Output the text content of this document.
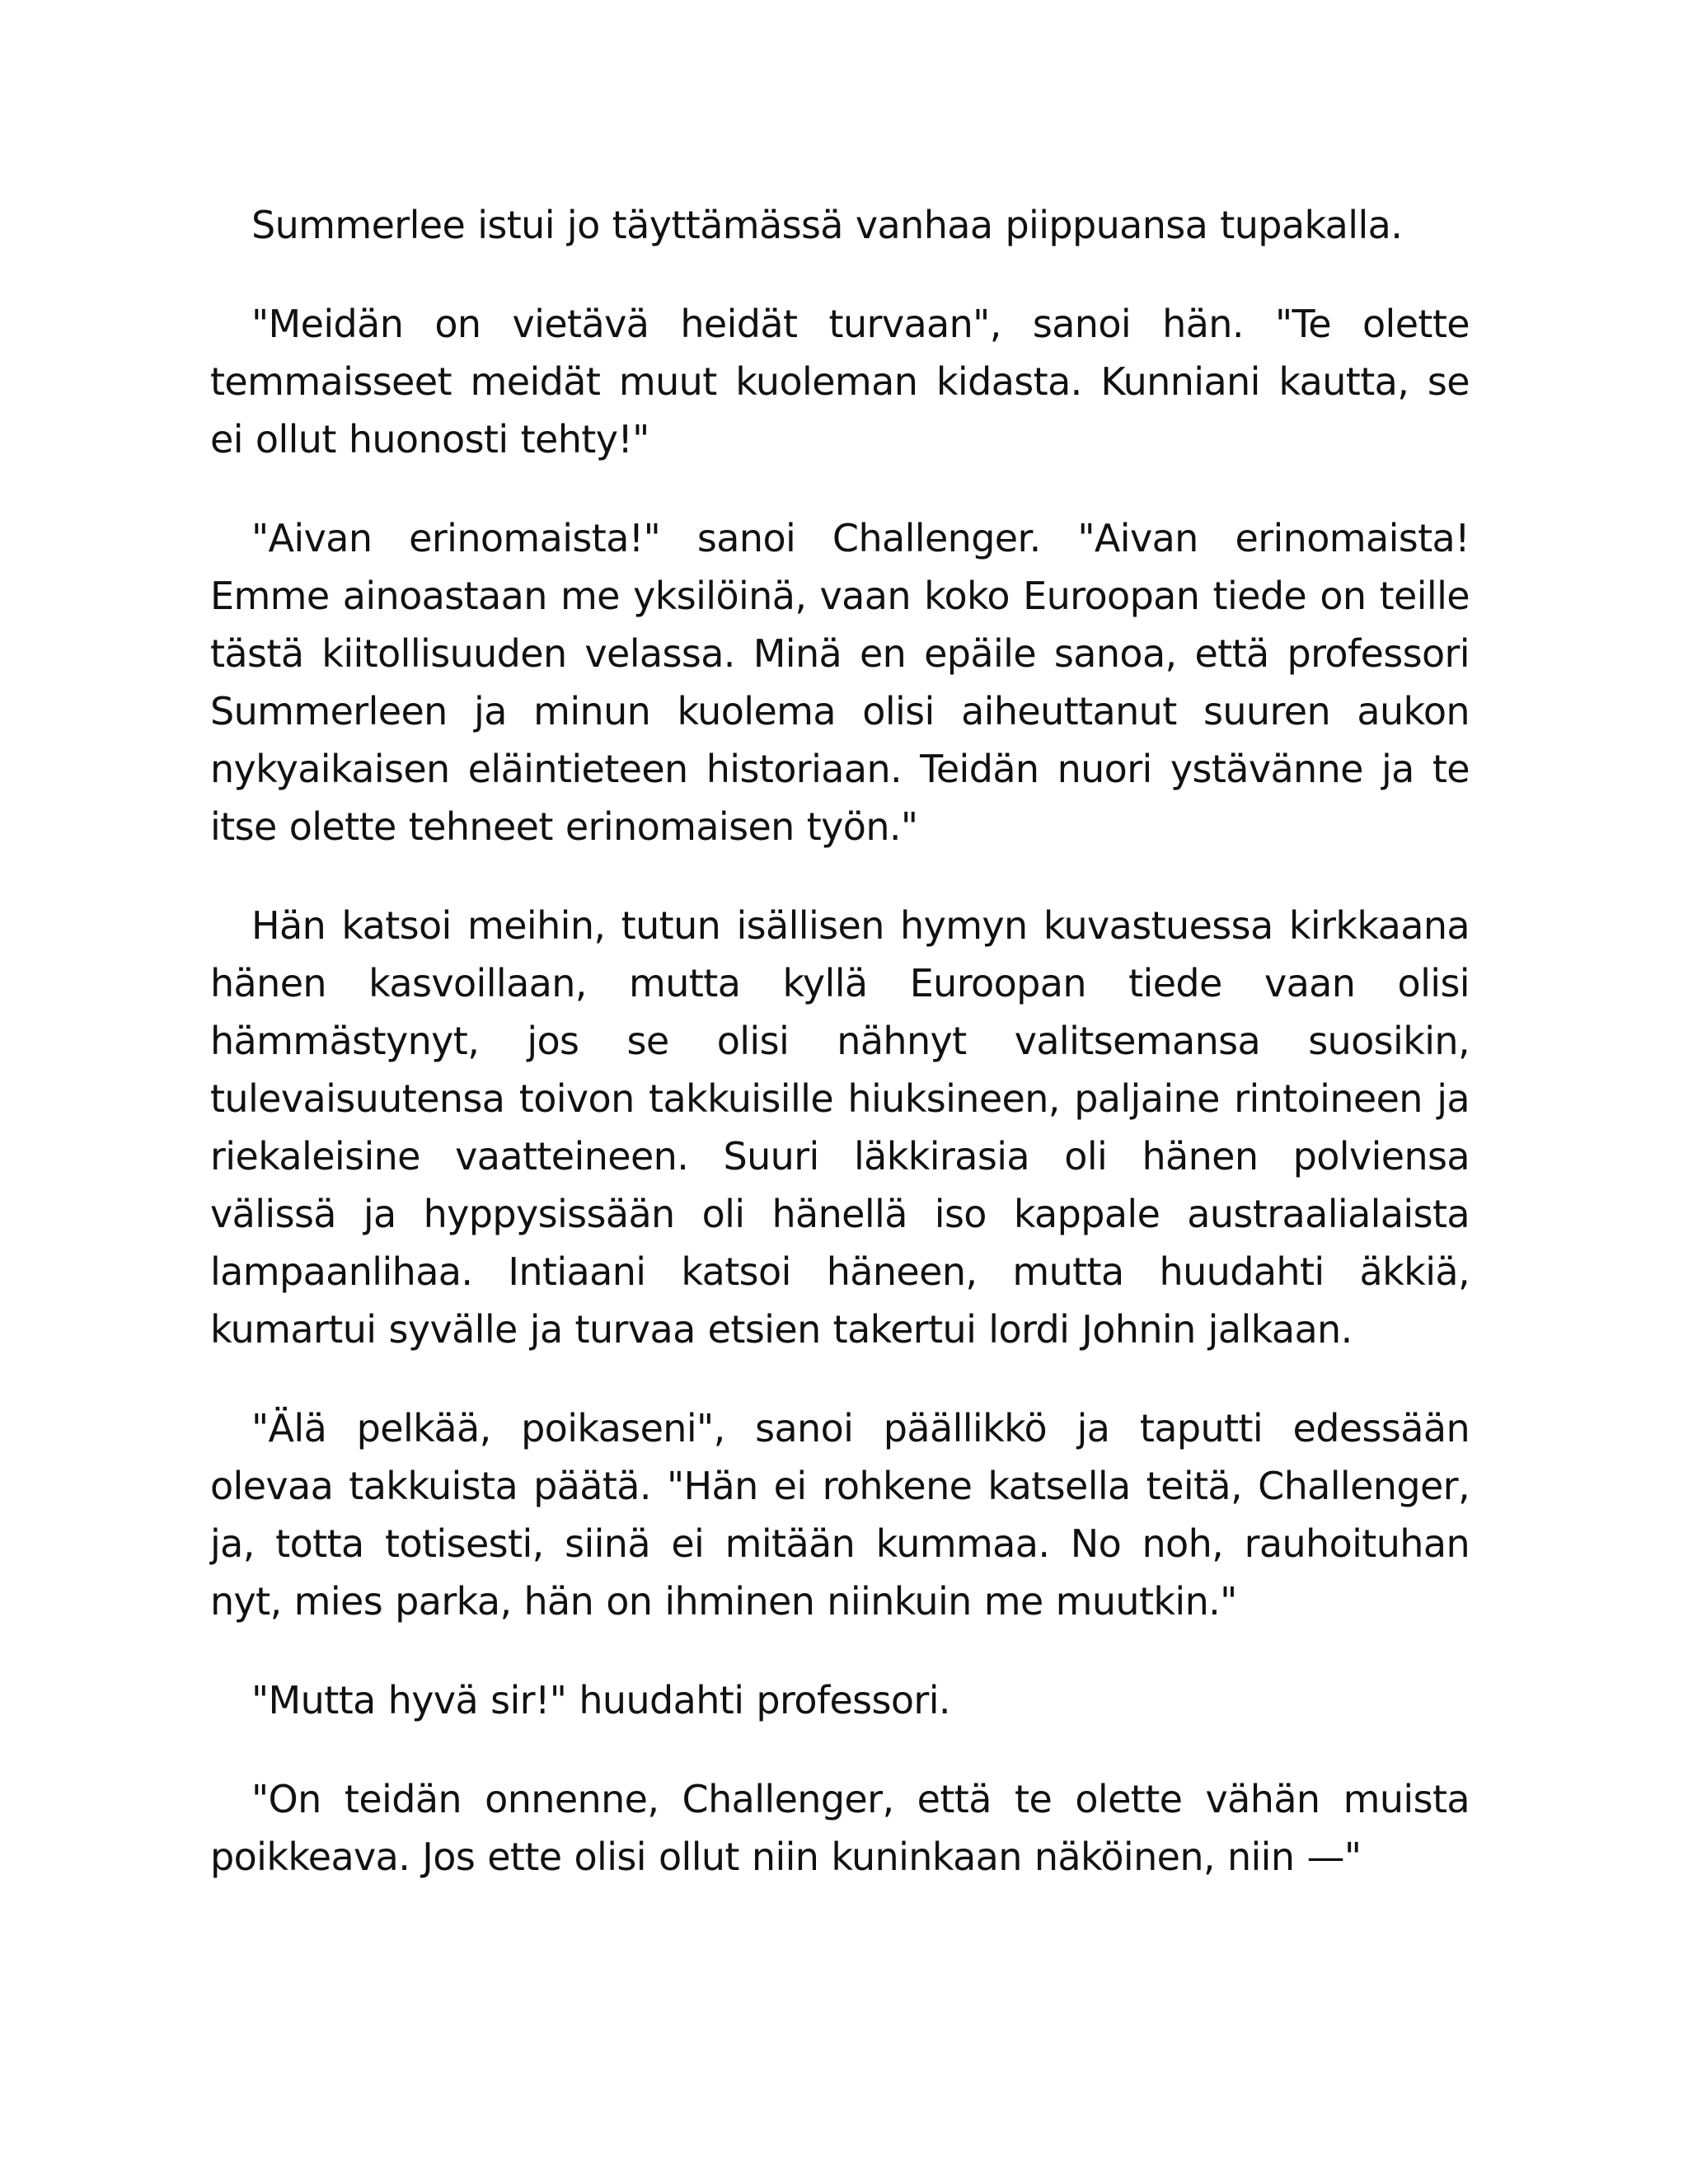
Summerlee istui jo täyttämässä vanhaa piippuansa tupakalla.

"Meidän on vietävä heidät turvaan", sanoi hän. "Te olette temmaisseet meidät muut kuoleman kidasta. Kunniani kautta, se ei ollut huonosti tehty!"

"Aivan erinomaista!" sanoi Challenger. "Aivan erinomaista! Emme ainoastaan me yksilöinä, vaan koko Euroopan tiede on teille tästä kiitollisuuden velassa. Minä en epäile sanoa, että professori Summerleen ja minun kuolema olisi aiheuttanut suuren aukon nykyaikaisen eläintieteen historiaan. Teidän nuori ystävänne ja te itse olette tehneet erinomaisen työn."

Hän katsoi meihin, tutun isällisen hymyn kuvastuessa kirkkaana hänen kasvoillaan, mutta kyllä Euroopan tiede vaan olisi hämmästynyt, jos se olisi nähnyt valitsemansa suosikin, tulevaisuutensa toivon takkuisille hiuksineen, paljaine rintoineen ja riekaleisine vaatteineen. Suuri läkkirasia oli hänen polviensa välissä ja hyppysissään oli hänellä iso kappale austraalialaista lampaanlihaa. Intiaani katsoi häneen, mutta huudahti äkkiä, kumartui syvälle ja turvaa etsien takertui lordi Johnin jalkaan.

"Älä pelkää, poikaseni", sanoi päällikkö ja taputti edessään olevaa takkuista päätä. "Hän ei rohkene katsella teitä, Challenger, ja, totta totisesti, siinä ei mitään kummaa. No noh, rauhoituhan nyt, mies parka, hän on ihminen niinkuin me muutkin."

"Mutta hyvä sir!" huudahti professori.

"On teidän onnenne, Challenger, että te olette vähän muista poikkeava. Jos ette olisi ollut niin kuninkaan näköinen, niin —"
